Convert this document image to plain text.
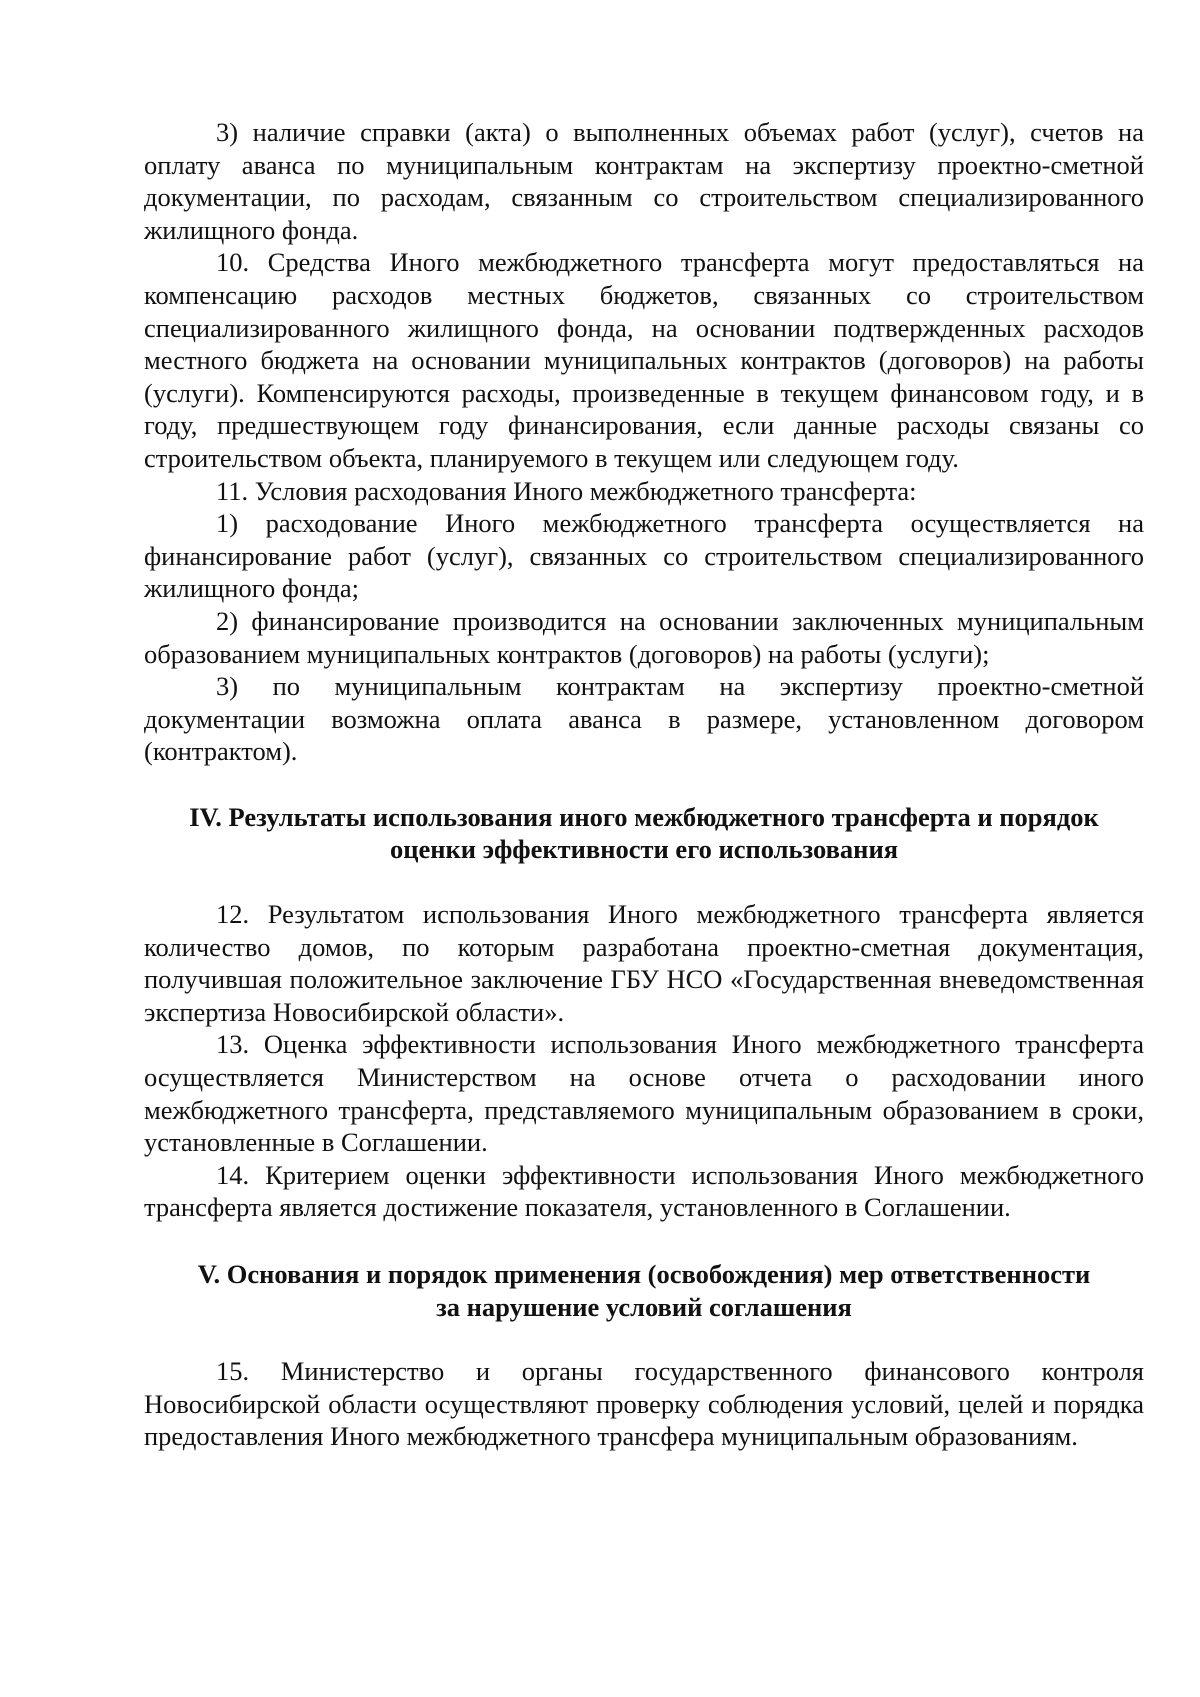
3) наличие справки (акта) о выполненных объемах работ (услуг), счетов на оплату аванса по муниципальным контрактам на экспертизу проектно-сметной документации, по расходам, связанным со строительством специализированного жилищного фонда.

10. Средства Иного межбюджетного трансферта могут предоставляться на компенсацию расходов местных бюджетов, связанных со строительством специализированного жилищного фонда, на основании подтвержденных расходов местного бюджета на основании муниципальных контрактов (договоров) на работы (услуги). Компенсируются расходы, произведенные в текущем финансовом году, и в году, предшествующем году финансирования, если данные расходы связаны со строительством объекта, планируемого в текущем или следующем году.

11. Условия расходования Иного межбюджетного трансферта:

1) расходование Иного межбюджетного трансферта осуществляется на финансирование работ (услуг), связанных со строительством специализированного жилищного фонда;

2) финансирование производится на основании заключенных муниципальным образованием муниципальных контрактов (договоров) на работы (услуги);

3) по муниципальным контрактам на экспертизу проектно-сметной документации возможна оплата аванса в размере, установленном договором (контрактом).

IV. Результаты использования иного межбюджетного трансферта и порядок
оценки эффективности его использования

12. Результатом использования Иного межбюджетного трансферта является количество домов, по которым разработана проектно-сметная документация, получившая положительное заключение ГБУ НСО «Государственная вневедомственная экспертиза Новосибирской области».

13. Оценка эффективности использования Иного межбюджетного трансферта осуществляется Министерством на основе отчета о расходовании иного межбюджетного трансферта, представляемого муниципальным образованием в сроки, установленные в Соглашении.

14. Критерием оценки эффективности использования Иного межбюджетного трансферта является достижение показателя, установленного в Соглашении.

V. Основания и порядок применения (освобождения) мер ответственности
за нарушение условий соглашения

15. Министерство и органы государственного финансового контроля Новосибирской области осуществляют проверку соблюдения условий, целей и порядка предоставления Иного межбюджетного трансфера муниципальным образованиям.
